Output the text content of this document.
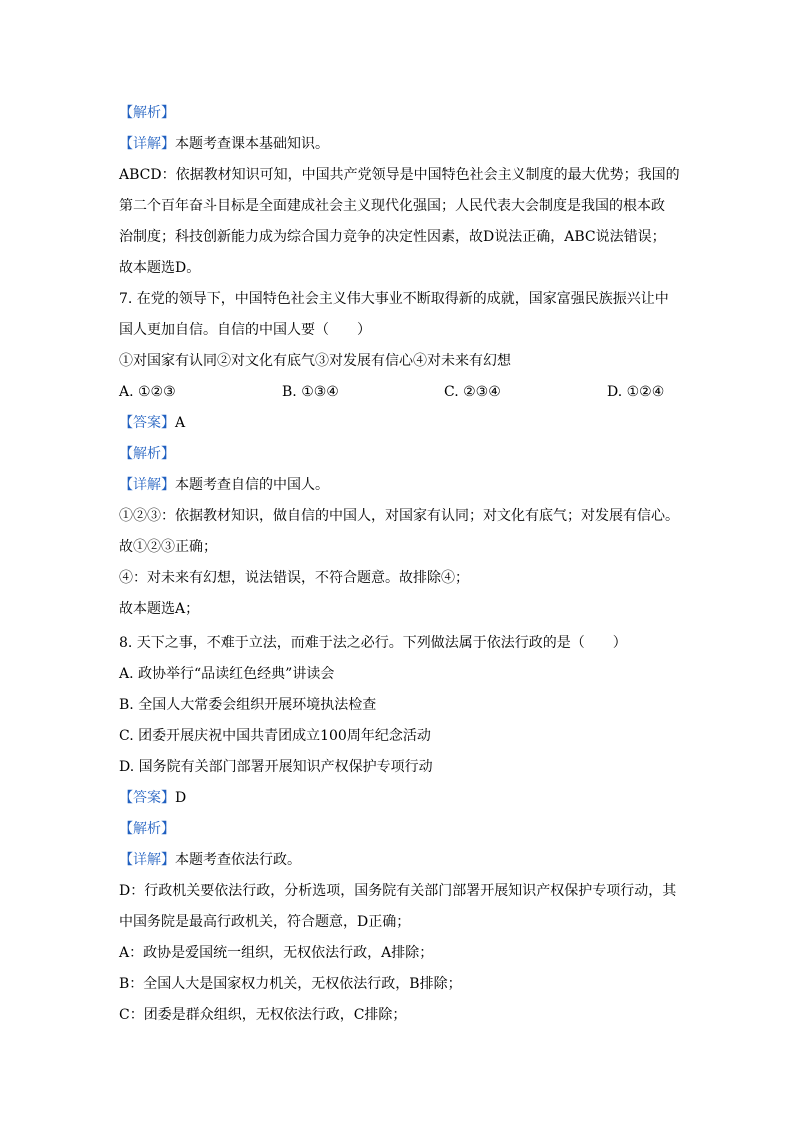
【解析】
【详解】本题考查课本基础知识。
ABCD：依据教材知识可知，中国共产党领导是中国特色社会主义制度的最大优势；我国的
第二个百年奋斗目标是全面建成社会主义现代化强国；人民代表大会制度是我国的根本政
治制度；科技创新能力成为综合国力竞争的决定性因素，故D说法正确，ABC说法错误；
故本题选D。
7. 在党的领导下，中国特色社会主义伟大事业不断取得新的成就，国家富强民族振兴让中
国人更加自信。自信的中国人要（　　）
①对国家有认同②对文化有底气③对发展有信心④对未来有幻想
A. ①②③	B. ①③④	C. ②③④	D. ①②④
【答案】A
【解析】
【详解】本题考查自信的中国人。
①②③：依据教材知识，做自信的中国人，对国家有认同；对文化有底气；对发展有信心。
故①②③正确；
④：对未来有幻想，说法错误，不符合题意。故排除④；
故本题选A；
8. 天下之事，不难于立法，而难于法之必行。下列做法属于依法行政的是（　　）
A. 政协举行“品读红色经典”讲读会
B. 全国人大常委会组织开展环境执法检查
C. 团委开展庆祝中国共青团成立100周年纪念活动
D. 国务院有关部门部署开展知识产权保护专项行动
【答案】D
【解析】
【详解】本题考查依法行政。
D：行政机关要依法行政，分析选项，国务院有关部门部署开展知识产权保护专项行动，其
中国务院是最高行政机关，符合题意，D正确；
A：政协是爱国统一组织，无权依法行政，A排除；
B：全国人大是国家权力机关，无权依法行政，B排除；
C：团委是群众组织，无权依法行政，C排除；
